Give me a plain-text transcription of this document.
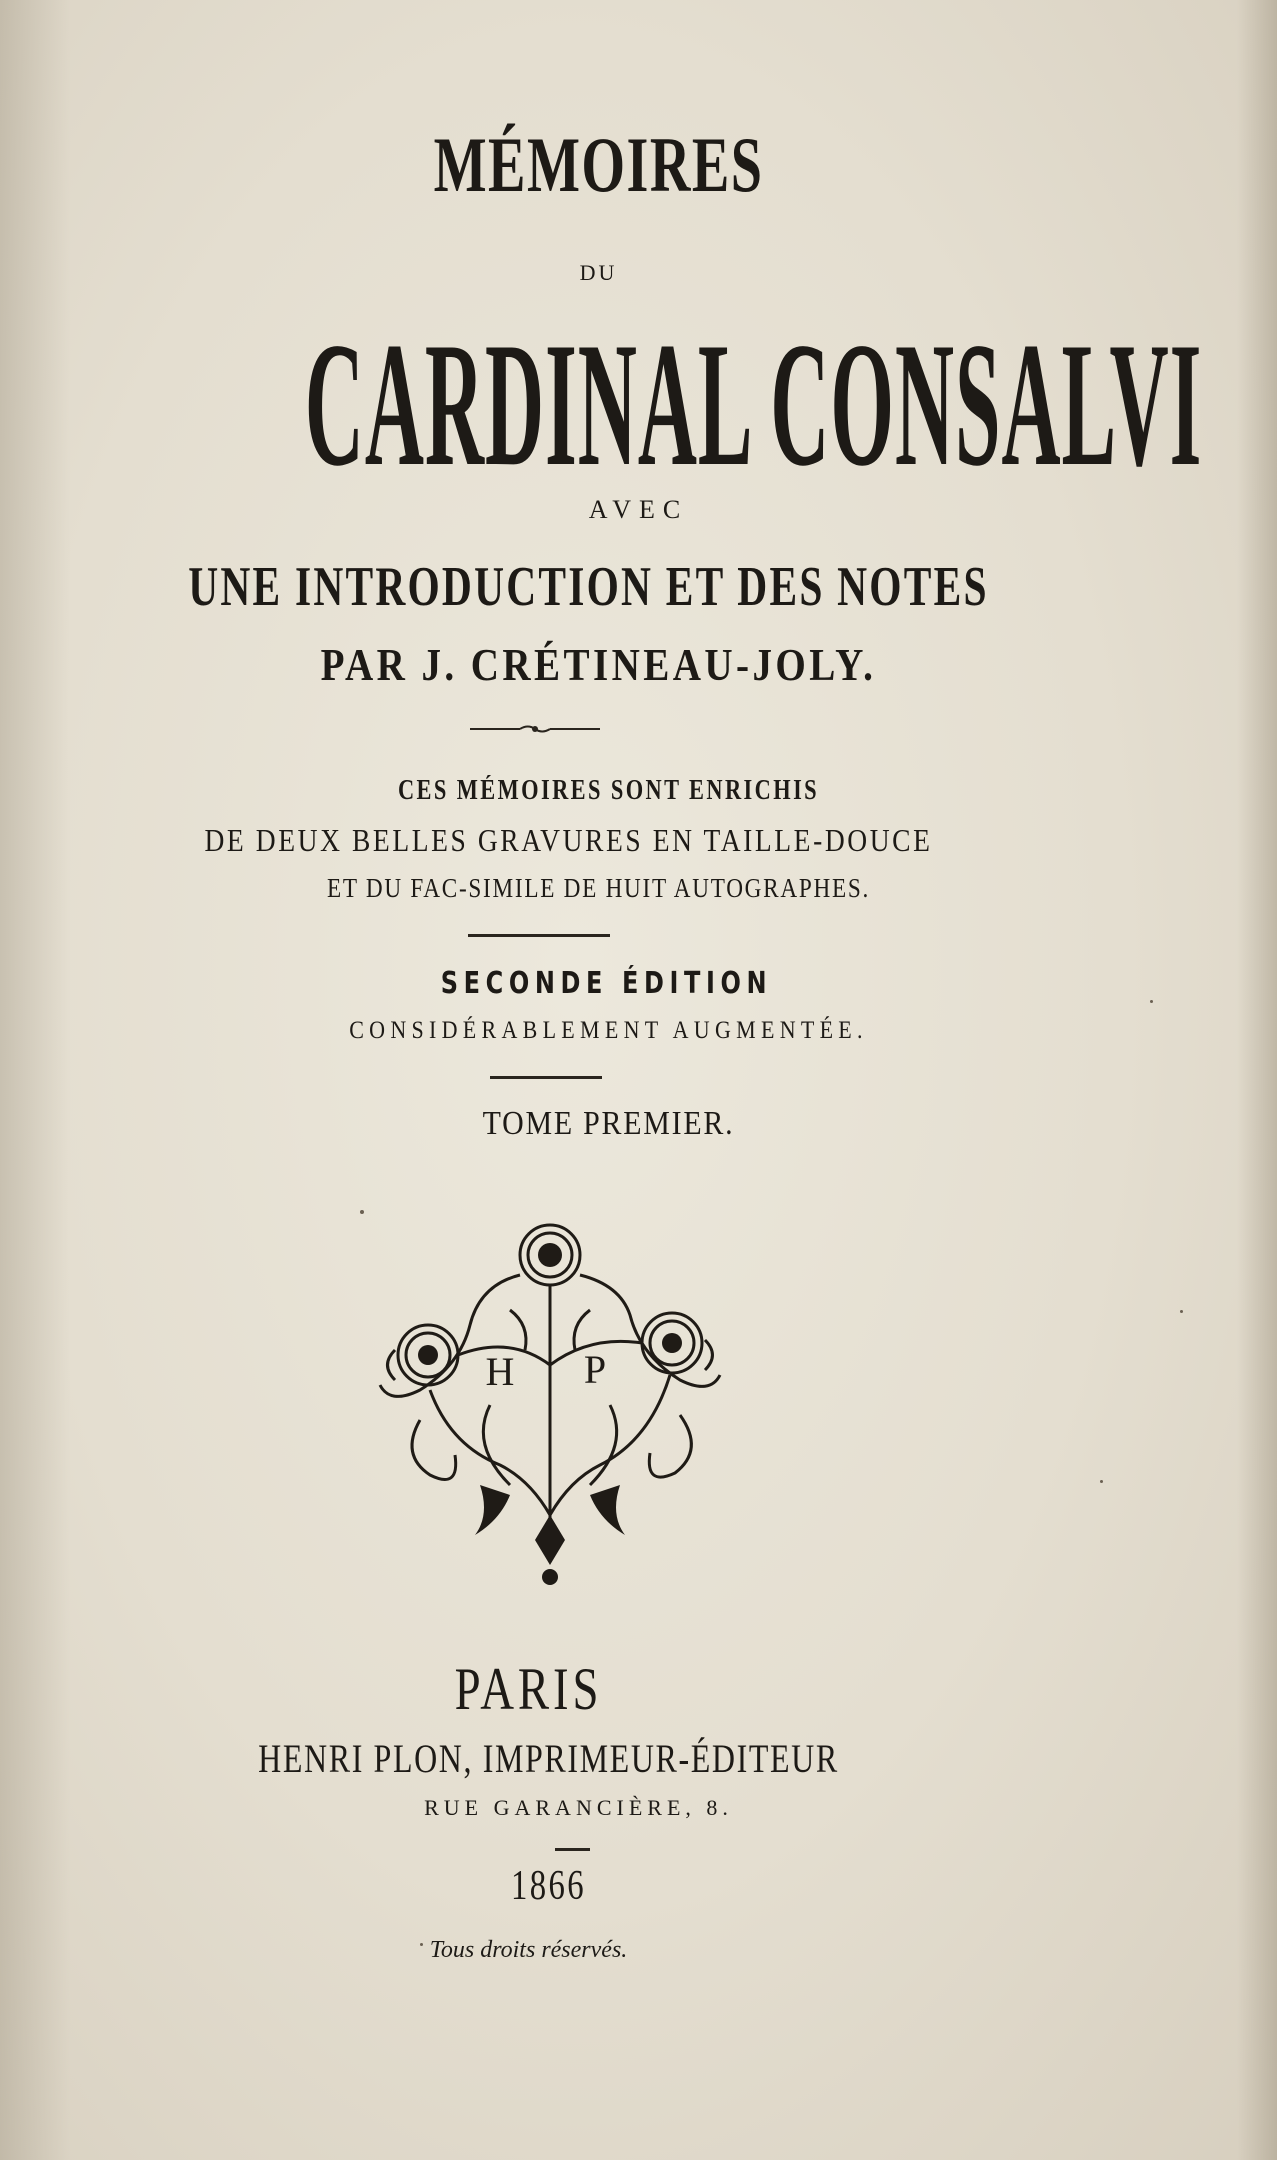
MÉMOIRES
DU
CARDINAL CONSALVI
AVEC
UNE INTRODUCTION ET DES NOTES
PAR J. CRÉTINEAU-JOLY.
CES MÉMOIRES SONT ENRICHIS
DE DEUX BELLES GRAVURES EN TAILLE-DOUCE
ET DU FAC-SIMILE DE HUIT AUTOGRAPHES.
SECONDE ÉDITION
CONSIDÉRABLEMENT AUGMENTÉE.
TOME PREMIER.
H P
PARIS
HENRI PLON, IMPRIMEUR-ÉDITEUR
RUE GARANCIÈRE, 8.
1866
Tous droits réservés.
